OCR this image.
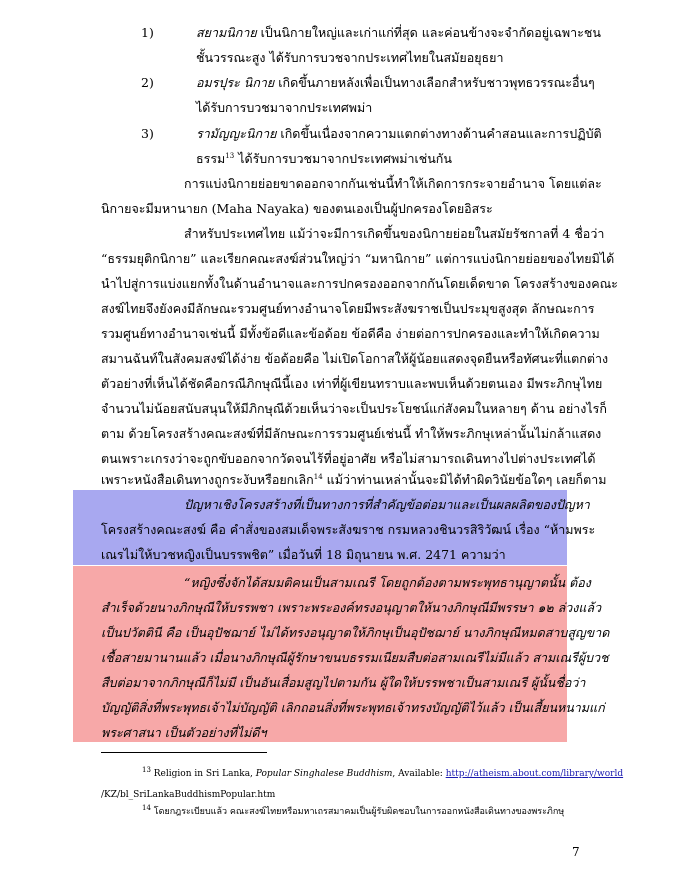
1)	สยามนิกาย เป็นนิกายใหญ่และเก่าแก่ที่สุด และค่อนข้างจะจำกัดอยู่เฉพาะชน
ชั้นวรรณะสูง ได้รับการบวชจากประเทศไทยในสมัยอยุธยา
2)	อมรปุระ นิกาย เกิดขึ้นภายหลังเพื่อเป็นทางเลือกสำหรับชาวพุทธวรรณะอื่นๆ
ได้รับการบวชมาจากประเทศพม่า
3)	รามัญญะนิกาย เกิดขึ้นเนื่องจากความแตกต่างทางด้านคำสอนและการปฏิบัติ
ธรรม$^{13}$ ได้รับการบวชมาจากประเทศพม่าเช่นกัน
การแบ่งนิกายย่อยขาดออกจากกันเช่นนี้ทำให้เกิดการกระจายอำนาจ โดยแต่ละ
นิกายจะมีมหานายก (Maha Nayaka) ของตนเองเป็นผู้ปกครองโดยอิสระ
สำหรับประเทศไทย แม้ว่าจะมีการเกิดขึ้นของนิกายย่อยในสมัยรัชกาลที่ 4 ชื่อว่า
“ธรรมยุติกนิกาย” และเรียกคณะสงฆ์ส่วนใหญ่ว่า “มหานิกาย” แต่การแบ่งนิกายย่อยของไทยมิได้
นำไปสู่การแบ่งแยกทั้งในด้านอำนาจและการปกครองออกจากกันโดยเด็ดขาด โครงสร้างของคณะ
สงฆ์ไทยจึงยังคงมีลักษณะรวมศูนย์ทางอำนาจโดยมีพระสังฆราชเป็นประมุขสูงสุด ลักษณะการ
รวมศูนย์ทางอำนาจเช่นนี้ มีทั้งข้อดีและข้อด้อย ข้อดีคือ ง่ายต่อการปกครองและทำให้เกิดความ
สมานฉันท์ในสังคมสงฆ์ได้ง่าย ข้อด้อยคือ ไม่เปิดโอกาสให้ผู้น้อยแสดงจุดยืนหรือทัศนะที่แตกต่าง
ตัวอย่างที่เห็นได้ชัดคือกรณีภิกษุณีนี้เอง เท่าที่ผู้เขียนทราบและพบเห็นด้วยตนเอง มีพระภิกษุไทย
จำนวนไม่น้อยสนับสนุนให้มีภิกษุณีด้วยเห็นว่าจะเป็นประโยชน์แก่สังคมในหลายๆ ด้าน อย่างไรก็
ตาม ด้วยโครงสร้างคณะสงฆ์ที่มีลักษณะการรวมศูนย์เช่นนี้ ทำให้พระภิกษุเหล่านั้นไม่กล้าแสดง
ตนเพราะเกรงว่าจะถูกขับออกจากวัดจนไร้ที่อยู่อาศัย หรือไม่สามารถเดินทางไปต่างประเทศได้
เพราะหนังสือเดินทางถูกระงับหรือยกเลิก$^{14}$ แม้ว่าท่านเหล่านั้นจะมิได้ทำผิดวินัยข้อใดๆ เลยก็ตาม
ปัญหาเชิงโครงสร้างที่เป็นทางการที่สำคัญข้อต่อมาและเป็นผลผลิตของปัญหา
โครงสร้างคณะสงฆ์ คือ คำสั่งของสมเด็จพระสังฆราช กรมหลวงชินวรสิริวัฒน์ เรื่อง “ห้ามพระ
เณรไม่ให้บวชหญิงเป็นบรรพชิต” เมื่อวันที่ 18 มิถุนายน พ.ศ. 2471 ความว่า
“หญิงซึ่งจักได้สมมติคนเป็นสามเณรี โดยถูกต้องตามพระพุทธานุญาตนั้น ต้อง
สำเร็จด้วยนางภิกษุณีให้บรรพชา เพราะพระองค์ทรงอนุญาตให้นางภิกษุณีมีพรรษา ๑๒ ล่วงแล้ว
เป็นปวัตตินี คือ เป็นอุปัชฌาย์ ไม่ได้ทรงอนุญาตให้ภิกษุเป็นอุปัชฌาย์ นางภิกษุณีหมดสาบสูญขาด
เชื้อสายมานานแล้ว เมื่อนางภิกษุณีผู้รักษาขนบธรรมเนียมสืบต่อสามเณรีไม่มีแล้ว สามเณรีผู้บวช
สืบต่อมาจากภิกษุณีก็ไม่มี เป็นอันเสื่อมสูญไปตามกัน ผู้ใดให้บรรพชาเป็นสามเณรี ผู้นั้นชื่อว่า
บัญญัติสิ่งที่พระพุทธเจ้าไม่บัญญัติ เลิกถอนสิ่งที่พระพุทธเจ้าทรงบัญญัติไว้แล้ว เป็นเสี้ยนหนามแก่
พระศาสนา เป็นตัวอย่างที่ไม่ดีฯ
$^{13}$ Religion in Sri Lanka, Popular Singhalese Buddhism, Available: http://atheism.about.com/library/world
/KZ/bl_SriLankaBuddhismPopular.htm
$^{14}$ โดยกฎระเบียบแล้ว คณะสงฆ์ไทยหรือมหาเถรสมาคมเป็นผู้รับผิดชอบในการออกหนังสือเดินทางของพระภิกษุ
7
